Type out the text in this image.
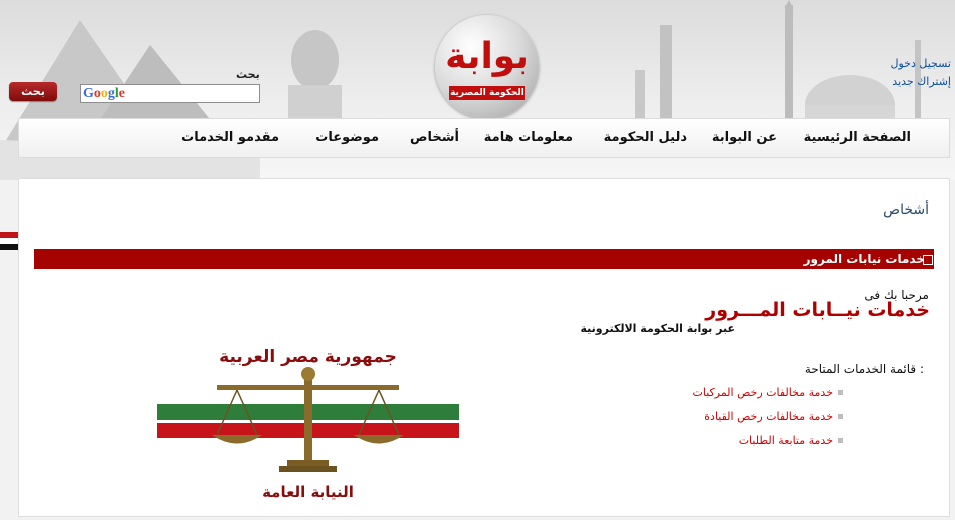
بوابة
الحكومة المصرية
تسجيل دخول
إشتراك جديد
بحث
Google
بحث
الصفحة الرئيسية
عن البوابة
دليل الحكومة
معلومات هامة
أشخاص
موضوعات
مقدمو الخدمات
أشخاص
خدمات نيابات المرور
مرحبا بك فى
خدمات نيــابات المـــرور
عبر بوابة الحكومة الالكترونية
قائمة الخدمات المتاحة :
خدمة مخالفات رخص المركبات
خدمة مخالفات رخص القيادة
خدمة متابعة الطلبات
جمهورية مصر العربية
النيابة العامة
